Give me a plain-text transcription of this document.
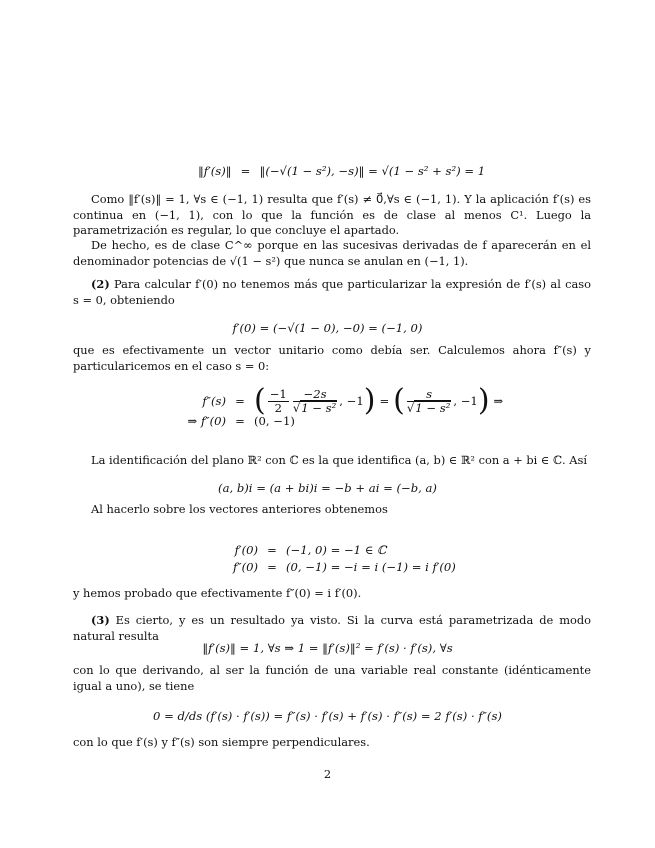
‖f′(s)‖ = ‖(−√(1 − s²), −s)‖ = √(1 − s² + s²) = 1
Como ‖f′(s)‖ = 1, ∀s ∈ (−1, 1) resulta que f′(s) ≠ 0⃗,∀s ∈ (−1, 1). Y la aplicación f′(s) es continua en (−1, 1), con lo que la función es de clase al menos C¹. Luego la parametrización es regular, lo que concluye el apartado.
De hecho, es de clase C^∞ porque en las sucesivas derivadas de f aparecerán en el denominador potencias de √(1 − s²) que nunca se anulan en (−1, 1).
(2) Para calcular f′(0) no tenemos más que particularizar la expresión de f′(s) al caso s = 0, obteniendo
f′(0) = (−√(1 − 0), −0) = (−1, 0)
que es efectivamente un vector unitario como debía ser. Calculemos ahora f″(s) y particularicemos en el caso s = 0:
f″(s) = ( $\frac{-1}{2} \frac{-2s}{\text{√1 − s²}}$ , −1 ) = ( $\frac{s}{\text{√1 − s²}}$ , −1 ) ⇒
⇒ f″(0) = (0, −1)
La identificación del plano ℝ² con ℂ es la que identifica (a, b) ∈ ℝ² con a + bi ∈ ℂ. Así
(a, b)i = (a + bi)i = −b + ai = (−b, a)
Al hacerlo sobre los vectores anteriores obtenemos
f′(0) = (−1, 0) = −1 ∈ ℂ
f″(0) = (0, −1) = −i = i (−1) = i f′(0)
y hemos probado que efectivamente f″(0) = i f′(0).
(3) Es cierto, y es un resultado ya visto. Si la curva está parametrizada de modo natural resulta
‖f′(s)‖ = 1, ∀s ⇒ 1 = ‖f′(s)‖² = f′(s) · f′(s), ∀s
con lo que derivando, al ser la función de una variable real constante (idénticamente igual a uno), se tiene
0 = d/ds (f′(s) · f′(s)) = f″(s) · f′(s) + f′(s) · f″(s) = 2 f′(s) · f″(s)
con lo que f′(s) y f″(s) son siempre perpendiculares.
2
